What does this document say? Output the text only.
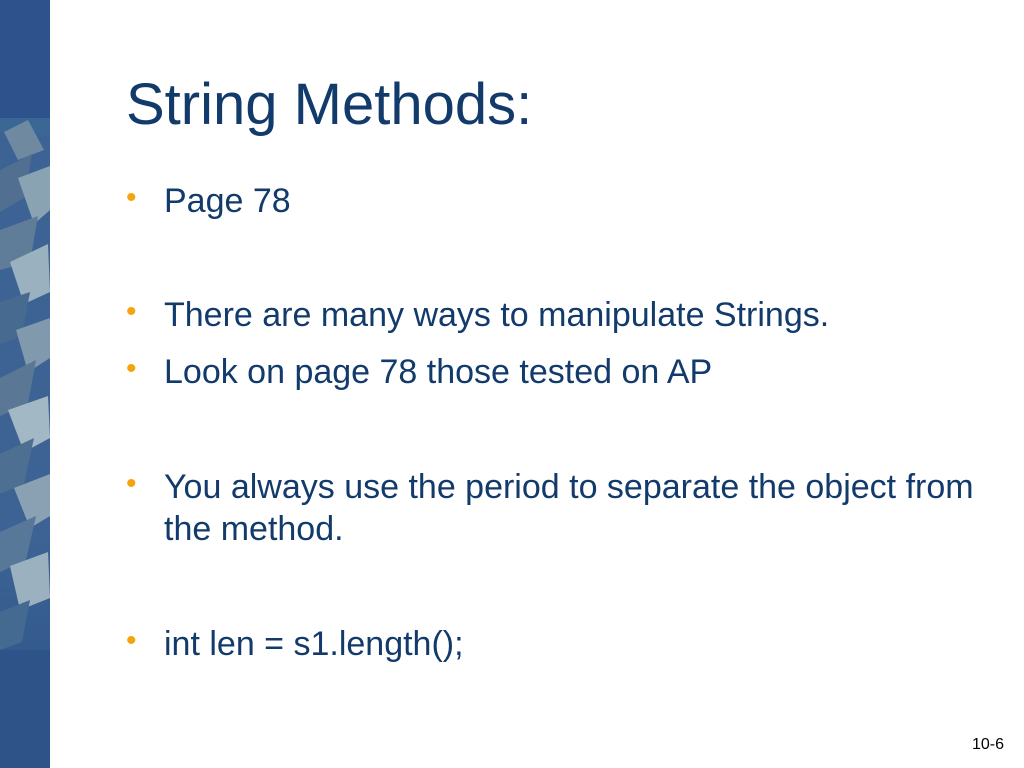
String Methods:
• Page 78
• There are many ways to manipulate Strings.
• Look on page 78 those tested on AP
• You always use the period to separate the object from the method.
• int len = s1.length();
10-6
